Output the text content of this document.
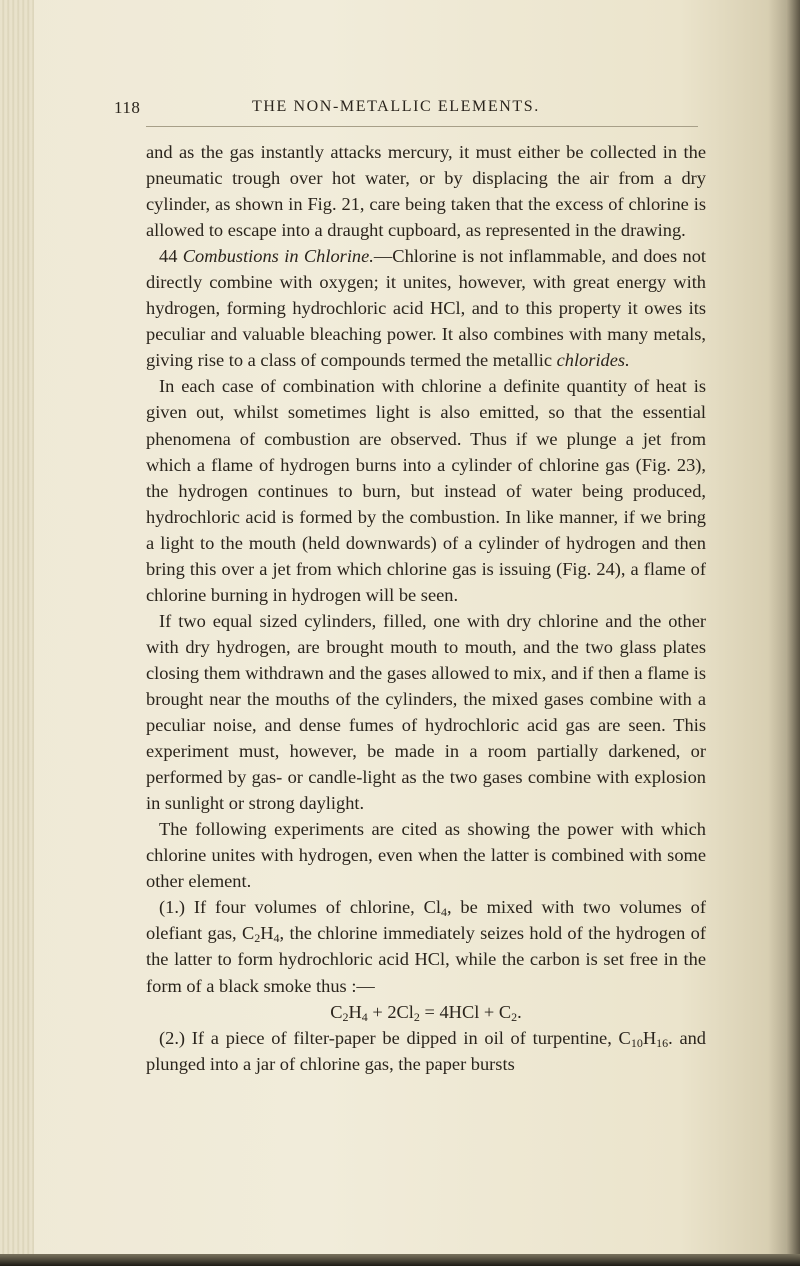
118	THE NON-METALLIC ELEMENTS.

and as the gas instantly attacks mercury, it must either be collected in the pneumatic trough over hot water, or by displacing the air from a dry cylinder, as shown in Fig. 21, care being taken that the excess of chlorine is allowed to escape into a draught cupboard, as represented in the drawing.

44 Combustions in Chlorine.—Chlorine is not inflammable, and does not directly combine with oxygen; it unites, however, with great energy with hydrogen, forming hydrochloric acid HCl, and to this property it owes its peculiar and valuable bleaching power. It also combines with many metals, giving rise to a class of compounds termed the metallic chlorides.

In each case of combination with chlorine a definite quantity of heat is given out, whilst sometimes light is also emitted, so that the essential phenomena of combustion are observed. Thus if we plunge a jet from which a flame of hydrogen burns into a cylinder of chlorine gas (Fig. 23), the hydrogen continues to burn, but instead of water being produced, hydrochloric acid is formed by the combustion. In like manner, if we bring a light to the mouth (held downwards) of a cylinder of hydrogen and then bring this over a jet from which chlorine gas is issuing (Fig. 24), a flame of chlorine burning in hydrogen will be seen.

If two equal sized cylinders, filled, one with dry chlorine and the other with dry hydrogen, are brought mouth to mouth, and the two glass plates closing them withdrawn and the gases allowed to mix, and if then a flame is brought near the mouths of the cylinders, the mixed gases combine with a peculiar noise, and dense fumes of hydrochloric acid gas are seen. This experiment must, however, be made in a room partially darkened, or performed by gas- or candle-light as the two gases combine with explosion in sunlight or strong daylight.

The following experiments are cited as showing the power with which chlorine unites with hydrogen, even when the latter is combined with some other element.

(1.) If four volumes of chlorine, $Cl_4$, be mixed with two volumes of olefiant gas, $C_2H_4$, the chlorine immediately seizes hold of the hydrogen of the latter to form hydrochloric acid HCl, while the carbon is set free in the form of a black smoke thus :—

$C_2H_4 + 2Cl_2 = 4HCl + C_2$.

(2.) If a piece of filter-paper be dipped in oil of turpentine, $C_{10}H_{16}$. and plunged into a jar of chlorine gas, the paper bursts
